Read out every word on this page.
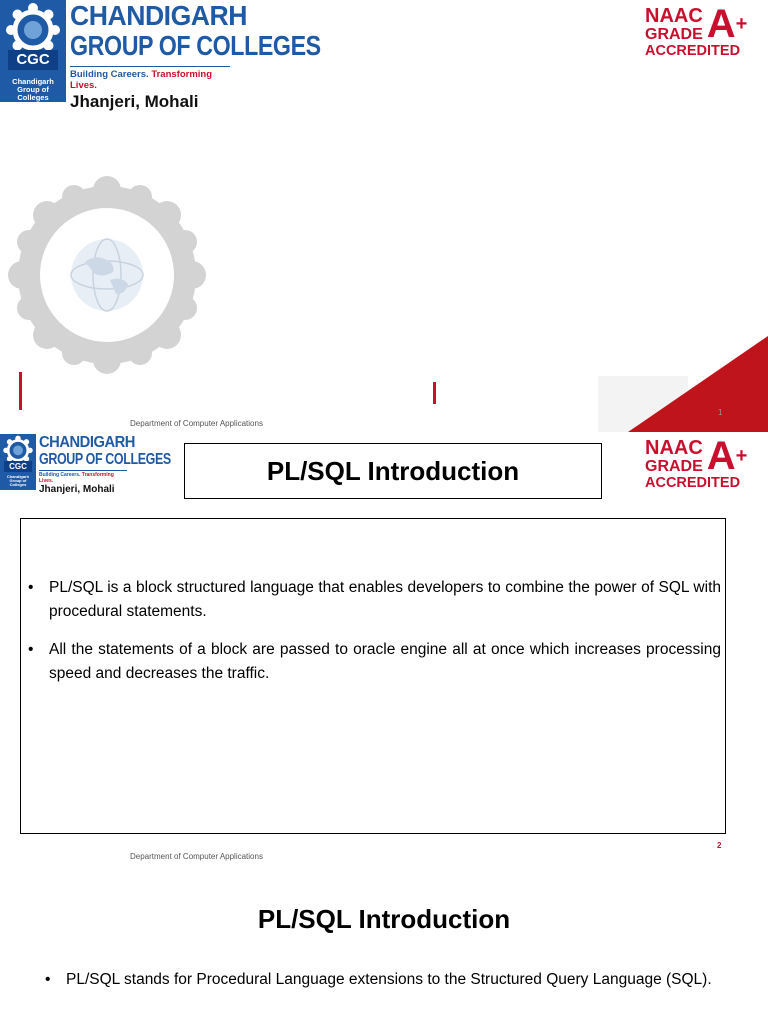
CGC
Chandigarh Group of Colleges
CHANDIGARH
GROUP OF COLLEGES
Building Careers. Transforming Lives.
Jhanjeri, Mohali
NAAC
GRADE A+
ACCREDITED
Department of Computer Applications
1
CGC
Chandigarh Group of Colleges
CHANDIGARH
GROUP OF COLLEGES
Building Careers. Transforming Lives.
Jhanjeri, Mohali
PL/SQL Introduction
NAAC
GRADE A+
ACCREDITED
• PL/SQL is a block structured language that enables developers to combine the power of SQL with procedural statements.
• All the statements of a block are passed to oracle engine all at once which increases processing speed and decreases the traffic.
Department of Computer Applications
2
PL/SQL Introduction
• PL/SQL stands for Procedural Language extensions to the Structured Query Language (SQL).
